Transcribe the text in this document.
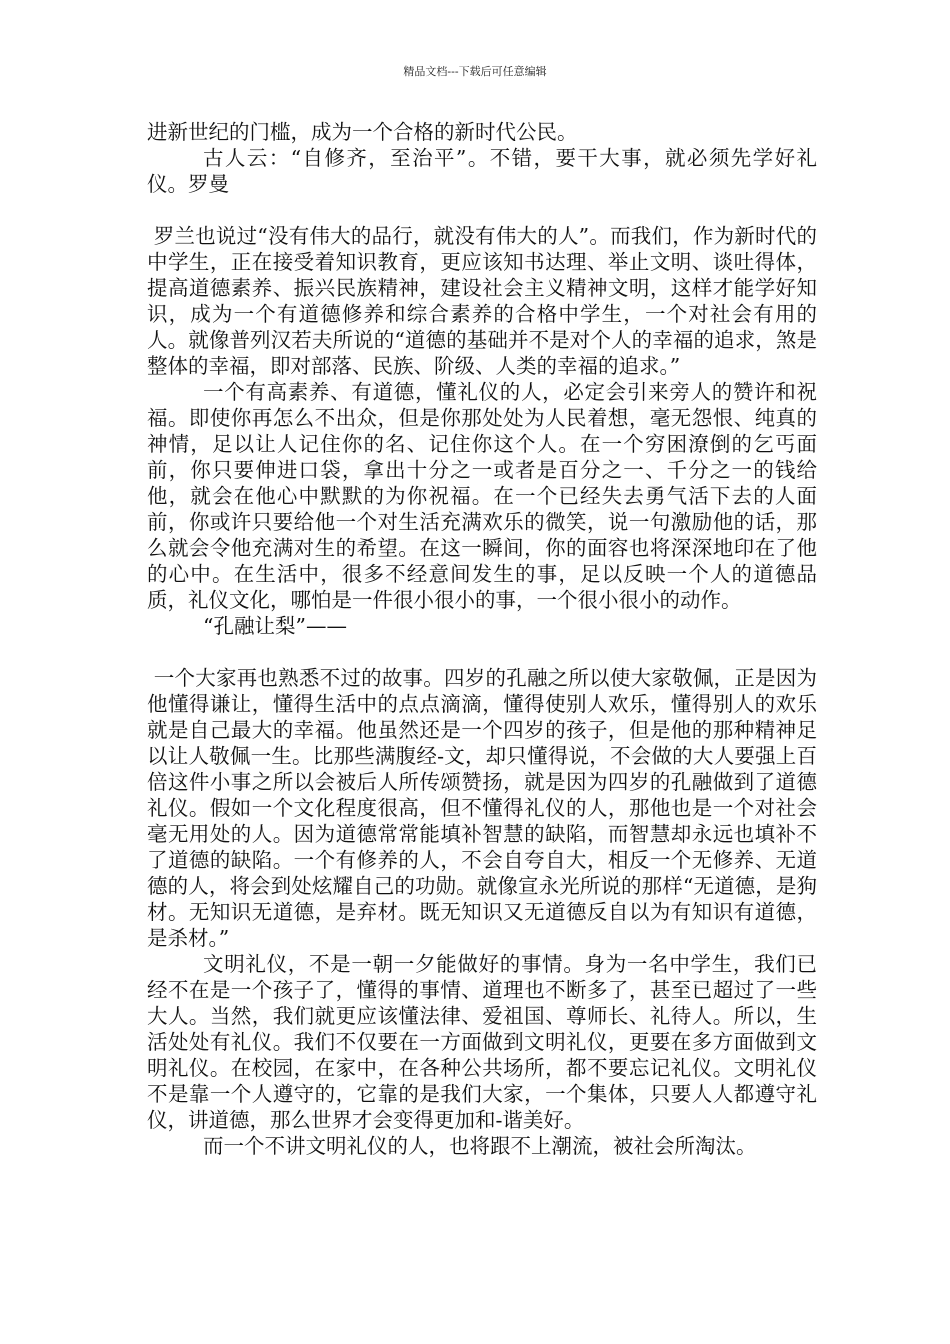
精品文档---下载后可任意编辑

进新世纪的门槛，成为一个合格的新时代公民。

古人云：“自修齐，至治平”。不错，要干大事，就必须先学好礼仪。罗曼

罗兰也说过“没有伟大的品行，就没有伟大的人”。而我们，作为新时代的中学生，正在接受着知识教育，更应该知书达理、举止文明、谈吐得体，提高道德素养、振兴民族精神，建设社会主义精神文明，这样才能学好知识，成为一个有道德修养和综合素养的合格中学生，一个对社会有用的人。就像普列汉若夫所说的“道德的基础并不是对个人的幸福的追求，煞是整体的幸福，即对部落、民族、阶级、人类的幸福的追求。”

一个有高素养、有道德，懂礼仪的人，必定会引来旁人的赞许和祝福。即使你再怎么不出众，但是你那处处为人民着想，毫无怨恨、纯真的神情，足以让人记住你的名、记住你这个人。在一个穷困潦倒的乞丐面前，你只要伸进口袋，拿出十分之一或者是百分之一、千分之一的钱给他，就会在他心中默默的为你祝福。在一个已经失去勇气活下去的人面前，你或许只要给他一个对生活充满欢乐的微笑，说一句激励他的话，那么就会令他充满对生的希望。在这一瞬间，你的面容也将深深地印在了他的心中。在生活中，很多不经意间发生的事，足以反映一个人的道德品质，礼仪文化，哪怕是一件很小很小的事，一个很小很小的动作。

“孔融让梨”——

一个大家再也熟悉不过的故事。四岁的孔融之所以使大家敬佩，正是因为他懂得谦让，懂得生活中的点点滴滴，懂得使别人欢乐，懂得别人的欢乐就是自己最大的幸福。他虽然还是一个四岁的孩子，但是他的那种精神足以让人敬佩一生。比那些满腹经-文，却只懂得说，不会做的大人要强上百倍这件小事之所以会被后人所传颂赞扬，就是因为四岁的孔融做到了道德礼仪。假如一个文化程度很高，但不懂得礼仪的人，那他也是一个对社会毫无用处的人。因为道德常常能填补智慧的缺陷，而智慧却永远也填补不了道德的缺陷。一个有修养的人，不会自夸自大，相反一个无修养、无道德的人，将会到处炫耀自己的功勋。就像宣永光所说的那样“无道德，是狗材。无知识无道德，是弃材。既无知识又无道德反自以为有知识有道德，是杀材。”

文明礼仪，不是一朝一夕能做好的事情。身为一名中学生，我们已经不在是一个孩子了，懂得的事情、道理也不断多了，甚至已超过了一些大人。当然，我们就更应该懂法律、爱祖国、尊师长、礼待人。所以，生活处处有礼仪。我们不仅要在一方面做到文明礼仪，更要在多方面做到文明礼仪。在校园，在家中，在各种公共场所，都不要忘记礼仪。文明礼仪不是靠一个人遵守的，它靠的是我们大家，一个集体，只要人人都遵守礼仪，讲道德，那么世界才会变得更加和-谐美好。

而一个不讲文明礼仪的人，也将跟不上潮流，被社会所淘汰。
